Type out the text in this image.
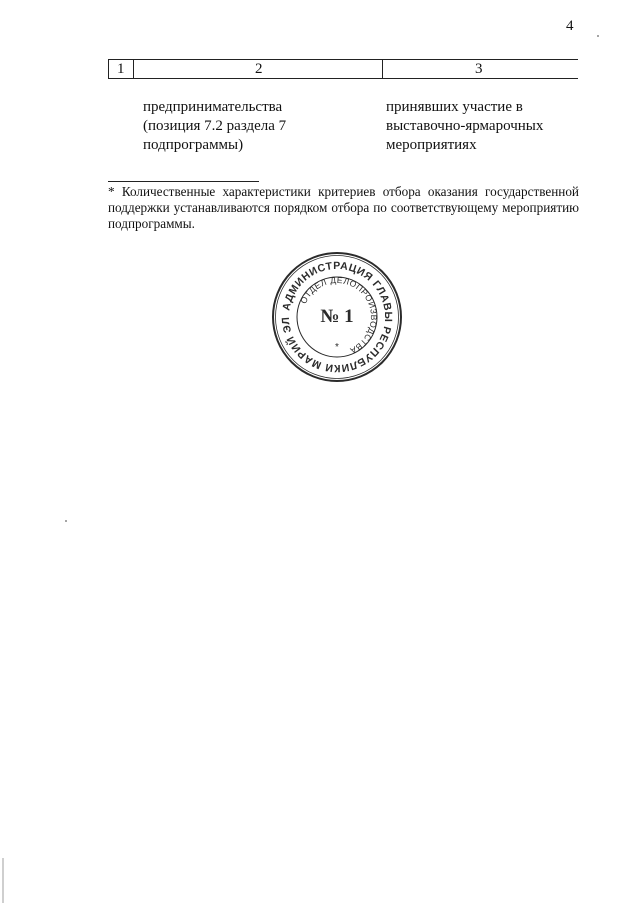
4
1	2	3
предпринимательства
(позиция 7.2 раздела 7
подпрограммы)
принявших участие в
выставочно-ярмарочных
мероприятиях
* Количественные характеристики критериев отбора оказания государственной поддержки устанавливаются порядком отбора по соответствующему мероприятию подпрограммы.
АДМИНИСТРАЦИЯ ГЛАВЫ РЕСПУБЛИКИ МАРИЙ ЭЛ
ОТДЕЛ ДЕЛОПРОИЗВОДСТВА
№ 1
*
